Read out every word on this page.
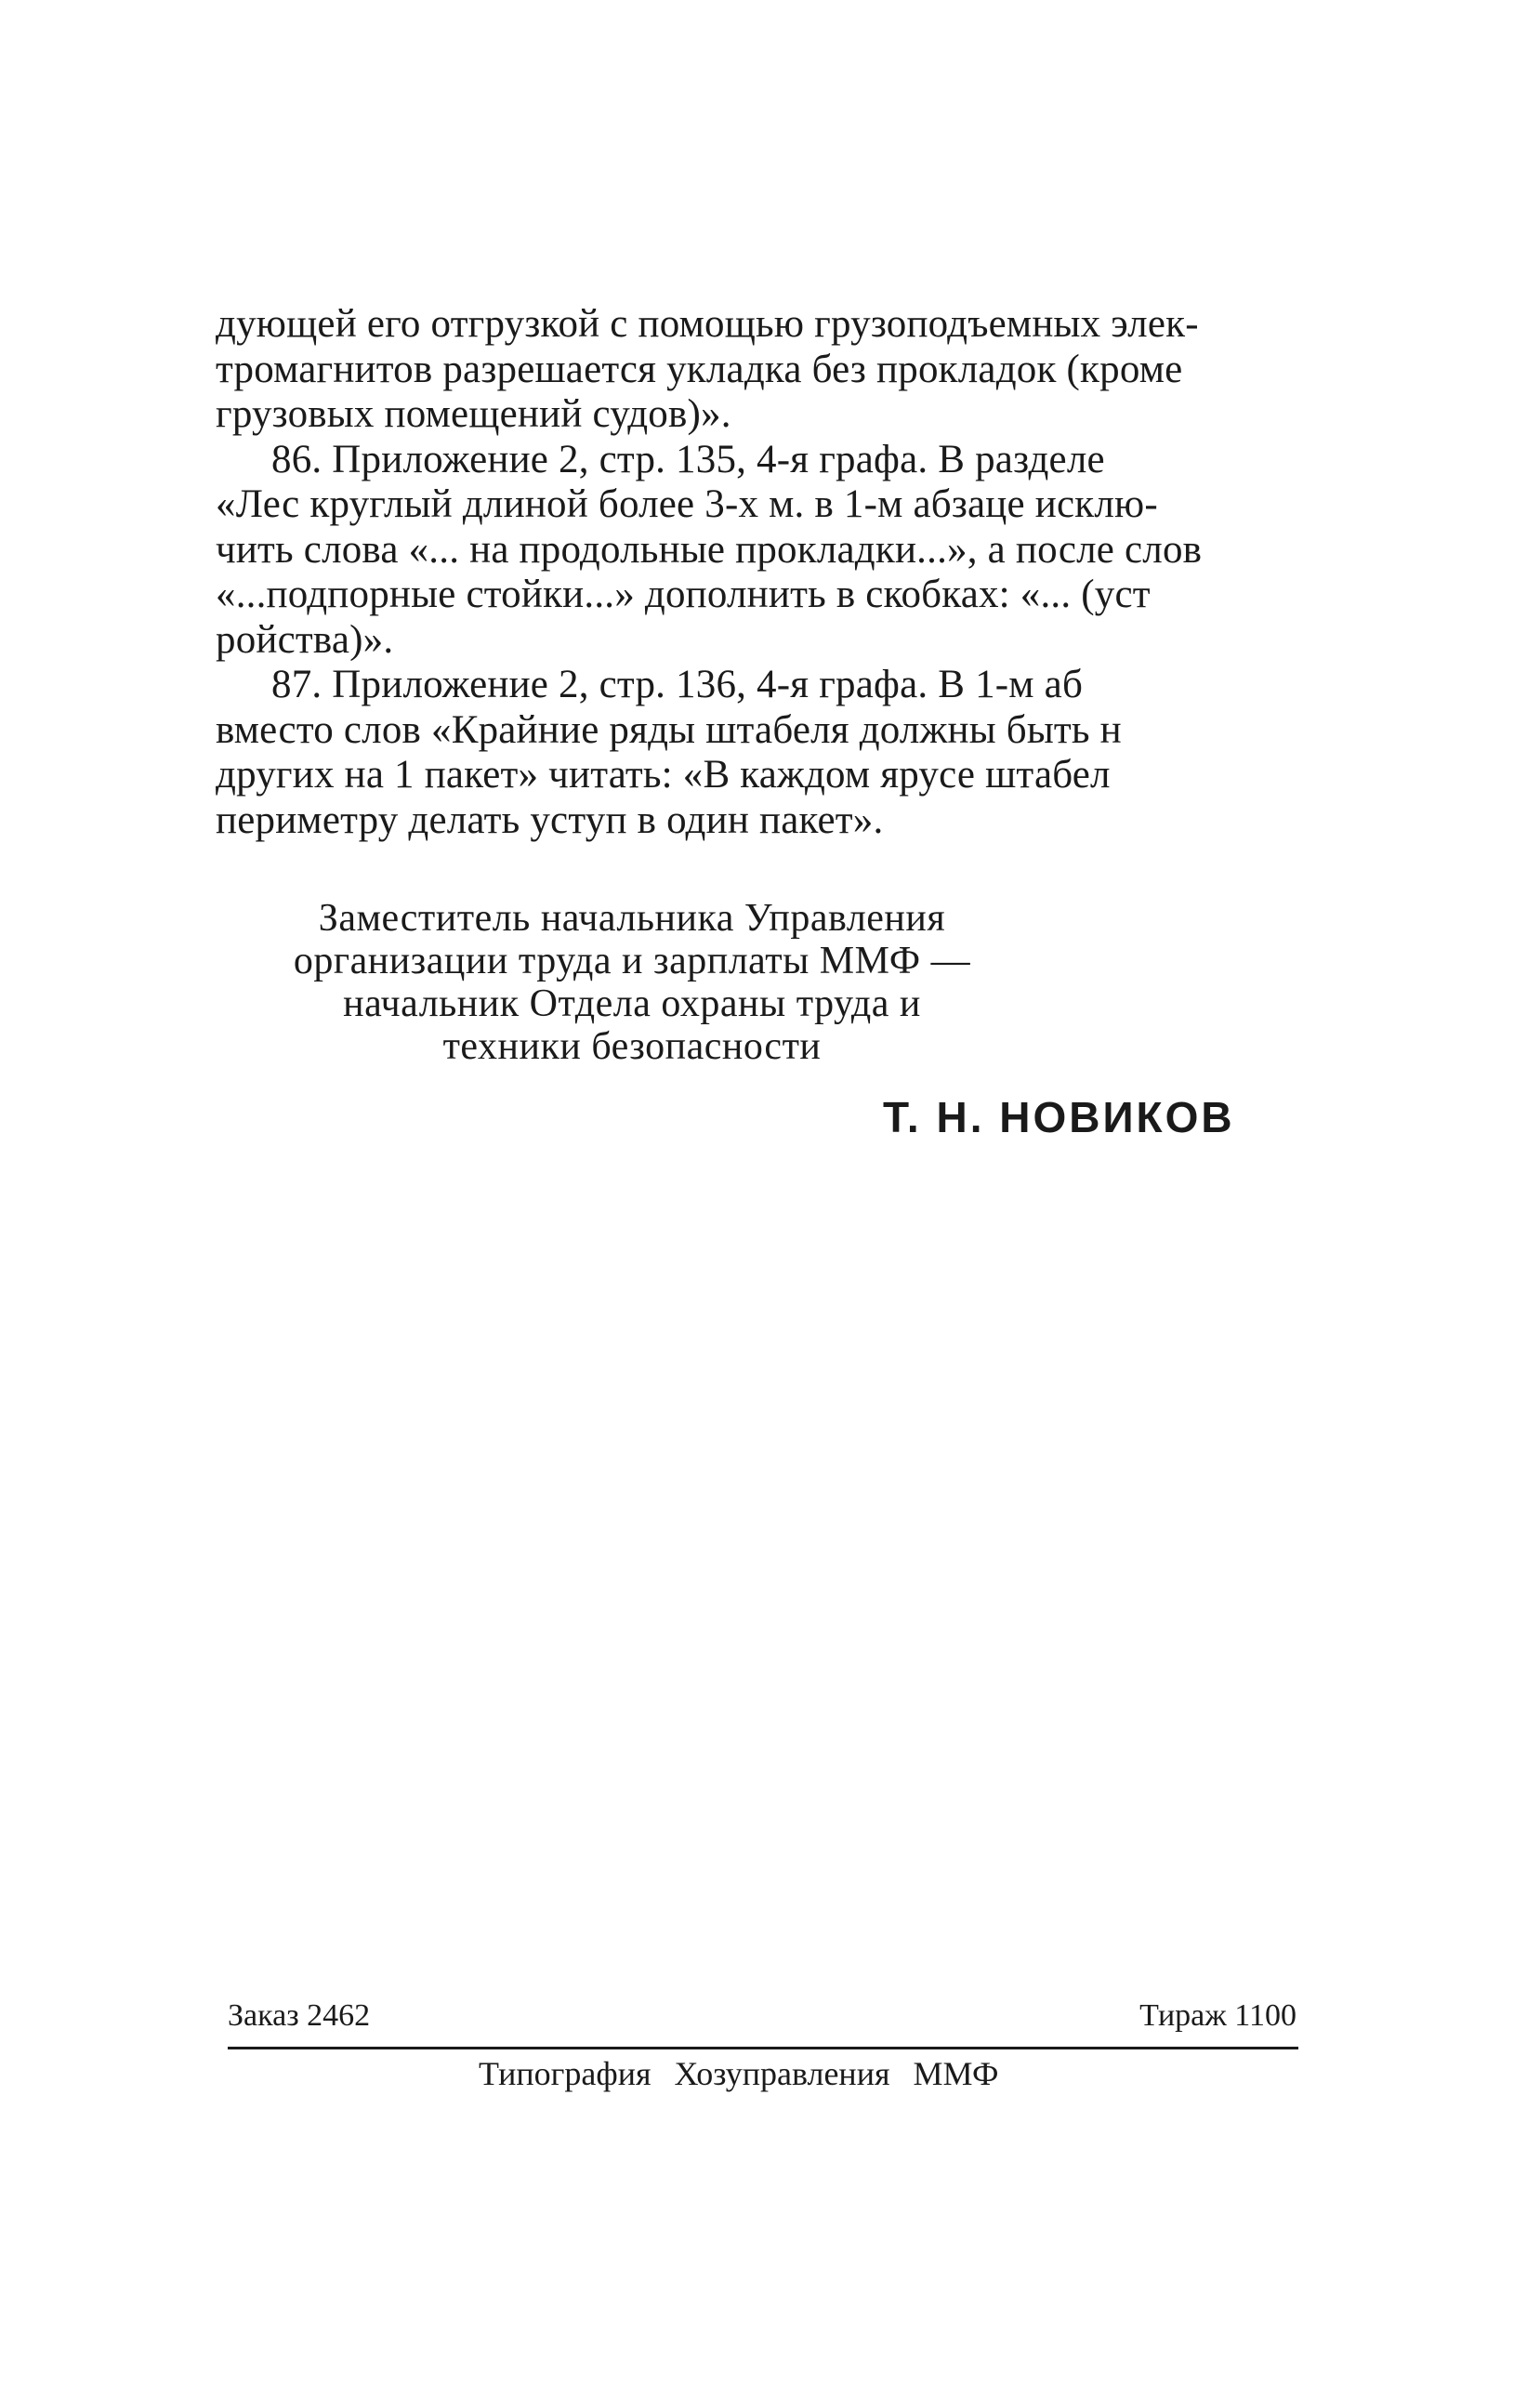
дующей его отгрузкой с помощью грузоподъемных элек-
тромагнитов разрешается укладка без прокладок (кроме
грузовых помещений судов)».
86. Приложение 2, стр. 135, 4-я графа. В разделе
«Лес круглый длиной более 3-х м. в 1-м абзаце исклю-
чить слова «... на продольные прокладки...», а после слов
«...подпорные стойки...» дополнить в скобках: «... (уст
ройства)».
87. Приложение 2, стр. 136, 4-я графа. В 1-м аб
вместо слов «Крайние ряды штабеля должны быть н
других на 1 пакет» читать: «В каждом ярусе штабел
периметру делать уступ в один пакет».
Заместитель начальника Управления
организации труда и зарплаты ММФ —
начальник Отдела охраны труда и
техники безопасности
Т. Н. НОВИКОВ
Заказ 2462	Тираж 1100
Типография Хозуправления ММФ
